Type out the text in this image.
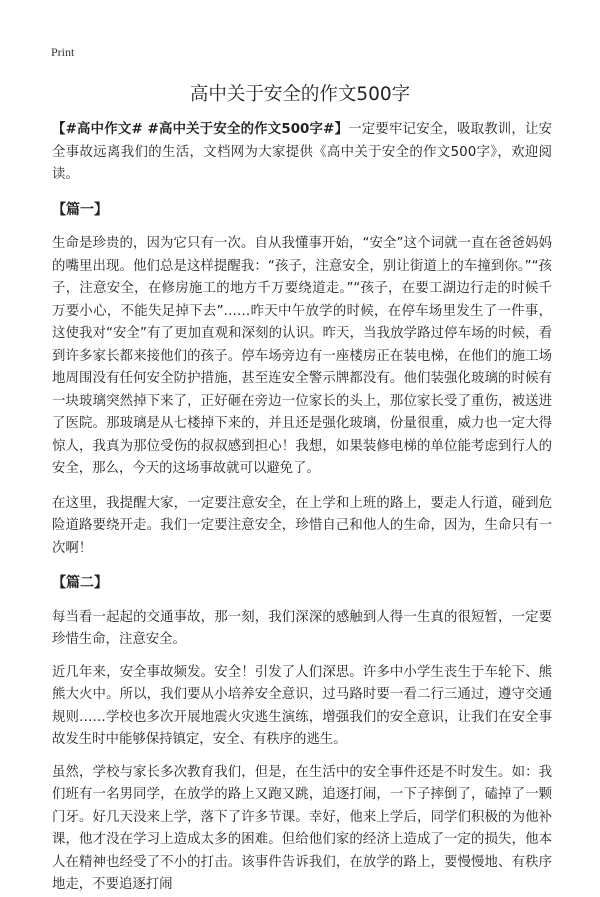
Print
高中关于安全的作文500字

【#高中作文# #高中关于安全的作文500字#】一定要牢记安全，吸取教训，让安全事故远离我们的生活，文档网为大家提供《高中关于安全的作文500字》，欢迎阅读。

【篇一】

生命是珍贵的，因为它只有一次。自从我懂事开始，“安全”这个词就一直在爸爸妈妈的嘴里出现。他们总是这样提醒我：“孩子，注意安全，别让街道上的车撞到你。”“孩子，注意安全，在修房施工的地方千万要绕道走。”“孩子，在要工湖边行走的时候千万要小心，不能失足掉下去”……昨天中午放学的时候，在停车场里发生了一件事，这使我对“安全”有了更加直观和深刻的认识。昨天，当我放学路过停车场的时候，看到许多家长都来接他们的孩子。停车场旁边有一座楼房正在装电梯，在他们的施工场地周围没有任何安全防护措施，甚至连安全警示牌都没有。他们装强化玻璃的时候有一块玻璃突然掉下来了，正好砸在旁边一位家长的头上，那位家长受了重伤，被送进了医院。那玻璃是从七楼掉下来的，并且还是强化玻璃，份量很重，威力也一定大得惊人，我真为那位受伤的叔叔感到担心！我想，如果装修电梯的单位能考虑到行人的安全，那么，今天的这场事故就可以避免了。

在这里，我提醒大家，一定要注意安全，在上学和上班的路上，要走人行道，碰到危险道路要绕开走。我们一定要注意安全，珍惜自己和他人的生命，因为，生命只有一次啊！

【篇二】

每当看一起起的交通事故，那一刻，我们深深的感触到人得一生真的很短暂，一定要珍惜生命，注意安全。

近几年来，安全事故频发。安全！引发了人们深思。许多中小学生丧生于车轮下、熊熊大火中。所以，我们要从小培养安全意识，过马路时要一看二行三通过，遵守交通规则……学校也多次开展地震火灾逃生演练，增强我们的安全意识，让我们在安全事故发生时中能够保持镇定，安全、有秩序的逃生。

虽然，学校与家长多次教育我们，但是，在生活中的安全事件还是不时发生。如：我们班有一名男同学，在放学的路上又跑又跳，追逐打闹，一下子摔倒了，磕掉了一颗门牙。好几天没来上学，落下了许多节课。幸好，他来上学后，同学们积极的为他补课，他才没在学习上造成太多的困难。但给他们家的经济上造成了一定的损失，他本人在精神也经受了不小的打击。该事件告诉我们，在放学的路上，要慢慢地、有秩序地走，不要追逐打闹
